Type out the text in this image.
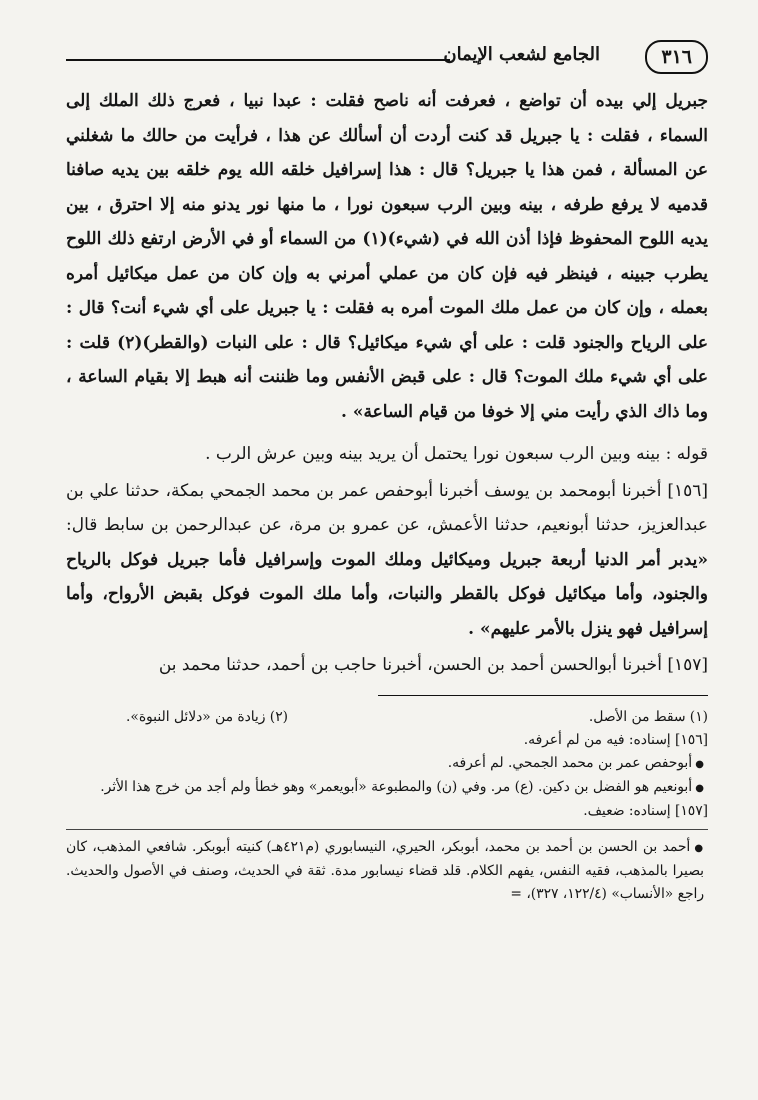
٣١٦
الجامع لشعب الإيمان

جبريل إلي بيده أن تواضع ، فعرفت أنه ناصح فقلت : عبدا نبيا ، فعرج ذلك الملك إلى السماء ، فقلت : يا جبريل قد كنت أردت أن أسألك عن هذا ، فرأيت من حالك ما شغلني عن المسألة ، فمن هذا يا جبريل؟ قال : هذا إسرافيل خلقه الله يوم خلقه بين يديه صافنا قدميه لا يرفع طرفه ، بينه وبين الرب سبعون نورا ، ما منها نور يدنو منه إلا احترق ، بين يديه اللوح المحفوظ فإذا أذن الله في (شيء)(١) من السماء أو في الأرض ارتفع ذلك اللوح يطرب جبينه ، فينظر فيه فإن كان من عملي أمرني به وإن كان من عمل ميكائيل أمره بعمله ، وإن كان من عمل ملك الموت أمره به فقلت : يا جبريل على أي شيء أنت؟ قال : على الرياح والجنود قلت : على أي شيء ميكائيل؟ قال : على النبات (والقطر)(٢) قلت : على أي شيء ملك الموت؟ قال : على قبض الأنفس وما ظننت أنه هبط إلا بقيام الساعة ، وما ذاك الذي رأيت مني إلا خوفا من قيام الساعة» .

قوله : بينه وبين الرب سبعون نورا يحتمل أن يريد بينه وبين عرش الرب .

[١٥٦] أخبرنا أبومحمد بن يوسف أخبرنا أبوحفص عمر بن محمد الجمحي بمكة، حدثنا علي بن عبدالعزيز، حدثنا أبونعيم، حدثنا الأعمش، عن عمرو بن مرة، عن عبدالرحمن بن سابط قال: «يدبر أمر الدنيا أربعة جبريل وميكائيل وملك الموت وإسرافيل فأما جبريل فوكل بالرياح والجنود، وأما ميكائيل فوكل بالقطر والنبات، وأما ملك الموت فوكل بقبض الأرواح، وأما إسرافيل فهو ينزل بالأمر عليهم» .

[١٥٧] أخبرنا أبوالحسن أحمد بن الحسن، أخبرنا حاجب بن أحمد، حدثنا محمد بن

(١) سقط من الأصل.
(٢) زيادة من «دلائل النبوة».

[١٥٦] إسناده: فيه من لم أعرفه.

● أبوحفص عمر بن محمد الجمحي. لم أعرفه.

● أبونعيم هو الفضل بن دكين. (ع) مر. وفي (ن) والمطبوعة «أبويعمر» وهو خطأ ولم أجد من خرج هذا الأثر.

[١٥٧] إسناده: ضعيف.

● أحمد بن الحسن بن أحمد بن محمد، أبوبكر، الحيري، النيسابوري (م٤٢١هـ) كنيته أبوبكر. شافعي المذهب، كان بصيرا بالمذهب، فقيه النفس، يفهم الكلام. قلد قضاء نيسابور مدة. ثقة في الحديث، وصنف في الأصول والحديث. راجع «الأنساب» (١٢٢/٤، ٣٢٧)، =
